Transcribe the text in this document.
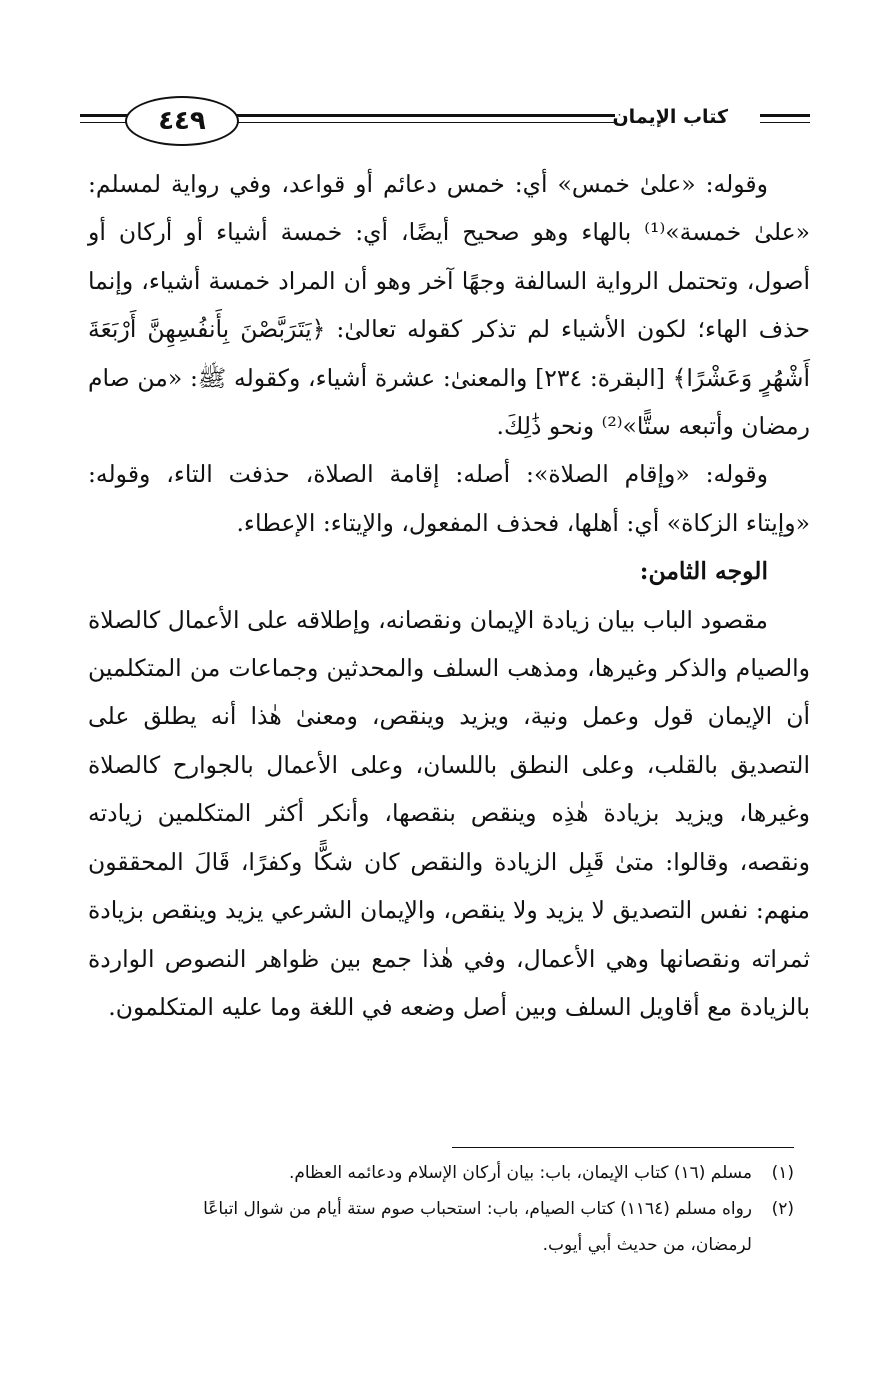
٤٤٩	كتاب الإيمان

وقوله: «علىٰ خمس» أي: خمس دعائم أو قواعد، وفي رواية لمسلم: «علىٰ خمسة»⁽¹⁾ بالهاء وهو صحيح أيضًا، أي: خمسة أشياء أو أركان أو أصول، وتحتمل الرواية السالفة وجهًا آخر وهو أن المراد خمسة أشياء، وإنما حذف الهاء؛ لكون الأشياء لم تذكر كقوله تعالىٰ: ﴿يَتَرَبَّصْنَ بِأَنفُسِهِنَّ أَرْبَعَةَ أَشْهُرٍ وَعَشْرًا﴾ [البقرة: ٢٣٤] والمعنىٰ: عشرة أشياء، وكقوله ﷺ: «من صام رمضان وأتبعه ستًّا»⁽²⁾ ونحو ذَٰلِكَ.

وقوله: «وإقام الصلاة»: أصله: إقامة الصلاة، حذفت التاء، وقوله: «وإيتاء الزكاة» أي: أهلها، فحذف المفعول، والإيتاء: الإعطاء.

الوجه الثامن:

مقصود الباب بيان زيادة الإيمان ونقصانه، وإطلاقه على الأعمال كالصلاة والصيام والذكر وغيرها، ومذهب السلف والمحدثين وجماعات من المتكلمين أن الإيمان قول وعمل ونية، ويزيد وينقص، ومعنىٰ هٰذا أنه يطلق على التصديق بالقلب، وعلى النطق باللسان، وعلى الأعمال بالجوارح كالصلاة وغيرها، ويزيد بزيادة هٰذِه وينقص بنقصها، وأنكر أكثر المتكلمين زيادته ونقصه، وقالوا: متىٰ قَبِل الزيادة والنقص كان شكًّا وكفرًا، قَالَ المحققون منهم: نفس التصديق لا يزيد ولا ينقص، والإيمان الشرعي يزيد وينقص بزيادة ثمراته ونقصانها وهي الأعمال، وفي هٰذا جمع بين ظواهر النصوص الواردة بالزيادة مع أقاويل السلف وبين أصل وضعه في اللغة وما عليه المتكلمون.

(١)مسلم (١٦) كتاب الإيمان، باب: بيان أركان الإسلام ودعائمه العظام.

(٢)رواه مسلم (١١٦٤) كتاب الصيام، باب: استحباب صوم ستة أيام من شوال اتباعًا

لرمضان، من حديث أبي أيوب.
